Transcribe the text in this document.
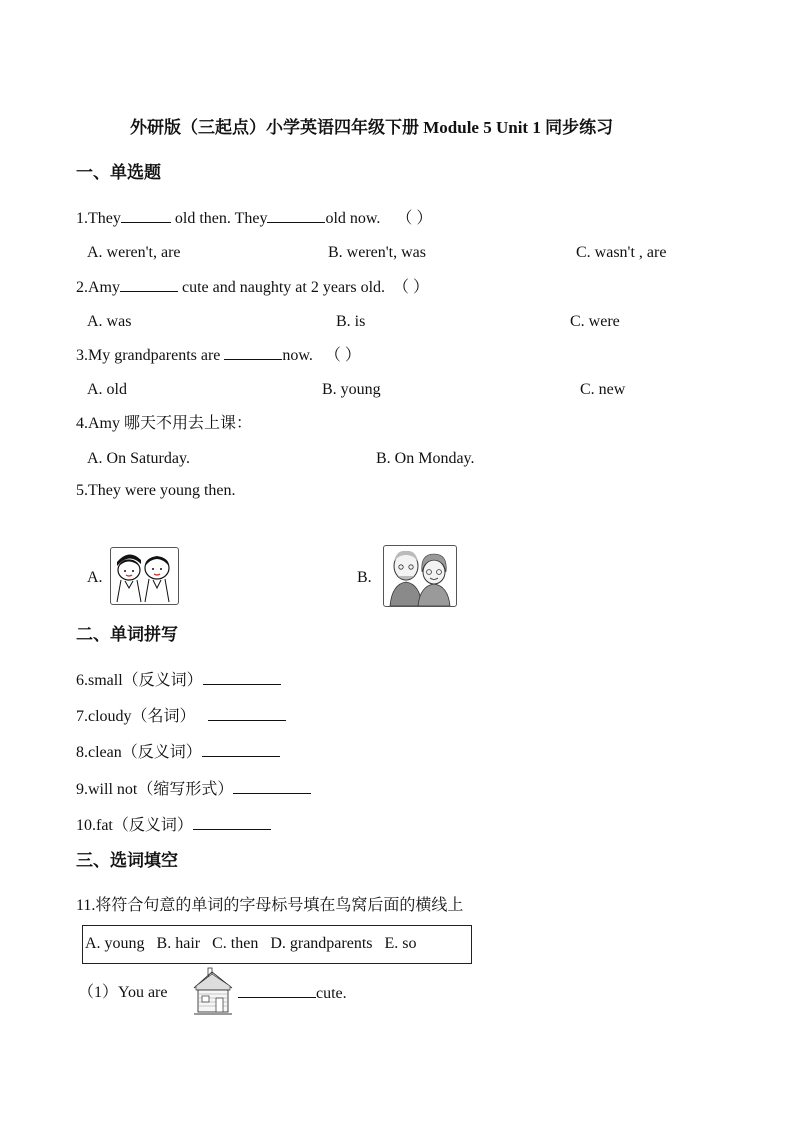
外研版（三起点）小学英语四年级下册 Module 5 Unit 1 同步练习
一、单选题
1.They	old then. They	old now. （ ）
A. weren't, are	B. weren't, was	C. wasn't , are
2.Amy	cute and naughty at 2 years old. （ ）
A. was	B. is	C. were
3.My grandparents are	now. （ ）
A. old	B. young	C. new
4.Amy 哪天不用去上课：
A. On Saturday.	B. On Monday.
5.They were young then.
A.	B.
二、单词拼写
6.small（反义词）
7.cloudy（名词）
8.clean（反义词）
9.will not（缩写形式）
10.fat（反义词）
三、选词填空
11.将符合句意的单词的字母标号填在鸟窝后面的横线上
A. young   B. hair   C. then   D. grandparents   E. so
（1）You are	cute.
